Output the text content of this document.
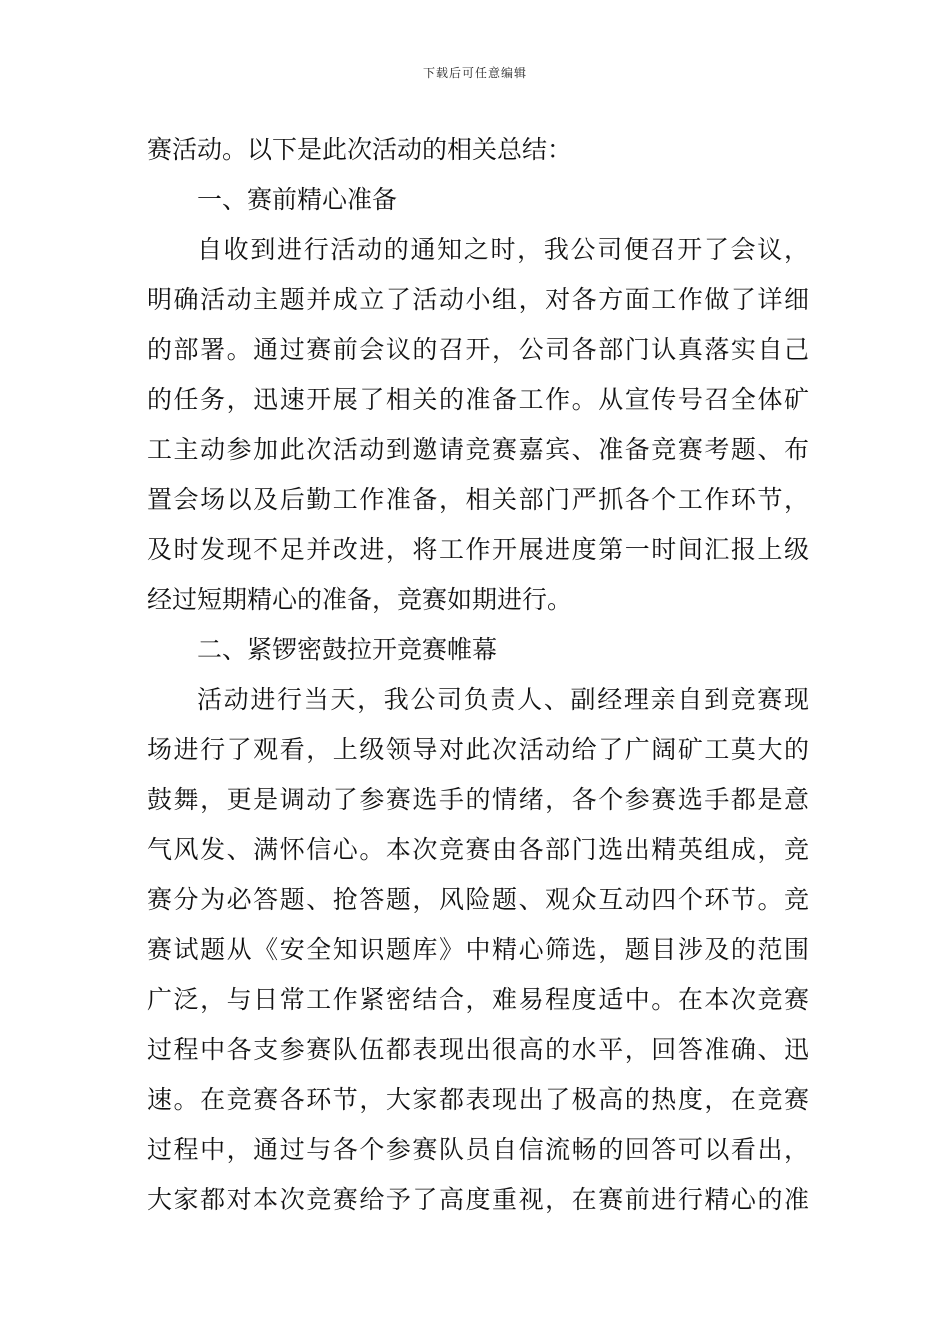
下载后可任意编辑
赛活动。以下是此次活动的相关总结：
一、赛前精心准备
自收到进行活动的通知之时，我公司便召开了会议，
明确活动主题并成立了活动小组，对各方面工作做了详细
的部署。通过赛前会议的召开，公司各部门认真落实自己
的任务，迅速开展了相关的准备工作。从宣传号召全体矿
工主动参加此次活动到邀请竞赛嘉宾、准备竞赛考题、布
置会场以及后勤工作准备，相关部门严抓各个工作环节，
及时发现不足并改进，将工作开展进度第一时间汇报上级
经过短期精心的准备，竞赛如期进行。
二、紧锣密鼓拉开竞赛帷幕
活动进行当天，我公司负责人、副经理亲自到竞赛现
场进行了观看，上级领导对此次活动给了广阔矿工莫大的
鼓舞，更是调动了参赛选手的情绪，各个参赛选手都是意
气风发、满怀信心。本次竞赛由各部门选出精英组成，竞
赛分为必答题、抢答题，风险题、观众互动四个环节。竞
赛试题从《安全知识题库》中精心筛选，题目涉及的范围
广泛，与日常工作紧密结合，难易程度适中。在本次竞赛
过程中各支参赛队伍都表现出很高的水平，回答准确、迅
速。在竞赛各环节，大家都表现出了极高的热度，在竞赛
过程中，通过与各个参赛队员自信流畅的回答可以看出，
大家都对本次竞赛给予了高度重视，在赛前进行精心的准
